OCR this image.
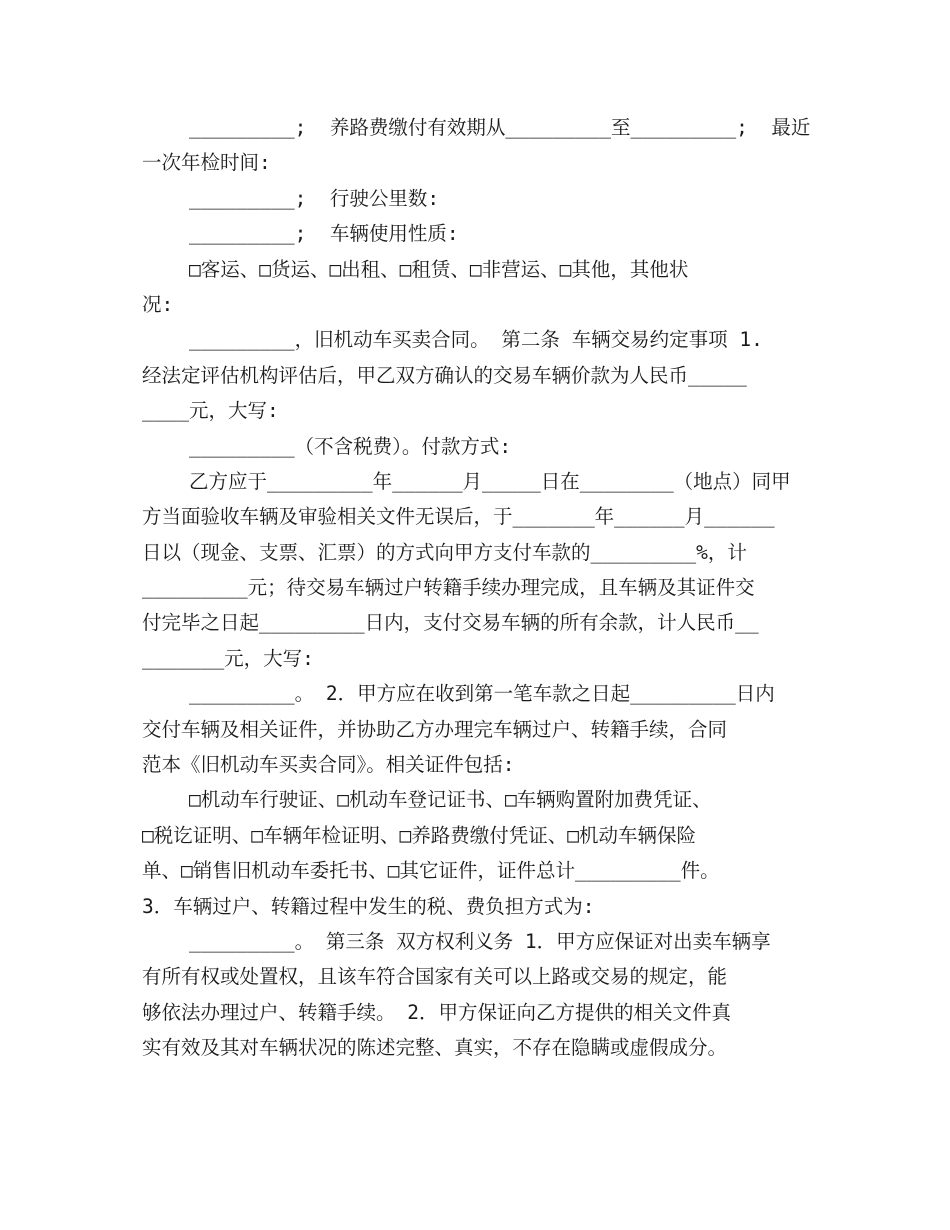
_________;  养路费缴付有效期从_________至_________;  最近
一次年检时间:
_________;  行驶公里数:
_________;  车辆使用性质:
□客运、□货运、□出租、□租赁、□非营运、□其他，其他状
况:
_________，旧机动车买卖合同。 第二条 车辆交易约定事项 1.
经法定评估机构评估后，甲乙双方确认的交易车辆价款为人民币_____
____元，大写:
_________（不含税费）。付款方式:
乙方应于_________年______月_____日在________（地点）同甲
方当面验收车辆及审验相关文件无误后，于_______年______月______
日以（现金、支票、汇票）的方式向甲方支付车款的_________%，计
_________元；待交易车辆过户转籍手续办理完成，且车辆及其证件交
付完毕之日起_________日内，支付交易车辆的所有余款，计人民币__
_______元，大写:
_________。 2．甲方应在收到第一笔车款之日起_________日内
交付车辆及相关证件，并协助乙方办理完车辆过户、转籍手续，合同
范本《旧机动车买卖合同》。相关证件包括:
□机动车行驶证、□机动车登记证书、□车辆购置附加费凭证、
□税讫证明、□车辆年检证明、□养路费缴付凭证、□机动车辆保险
单、□销售旧机动车委托书、□其它证件，证件总计_________件。
3．车辆过户、转籍过程中发生的税、费负担方式为:
_________。 第三条 双方权利义务 1．甲方应保证对出卖车辆享
有所有权或处置权，且该车符合国家有关可以上路或交易的规定，能
够依法办理过户、转籍手续。 2．甲方保证向乙方提供的相关文件真
实有效及其对车辆状况的陈述完整、真实，不存在隐瞒或虚假成分。
